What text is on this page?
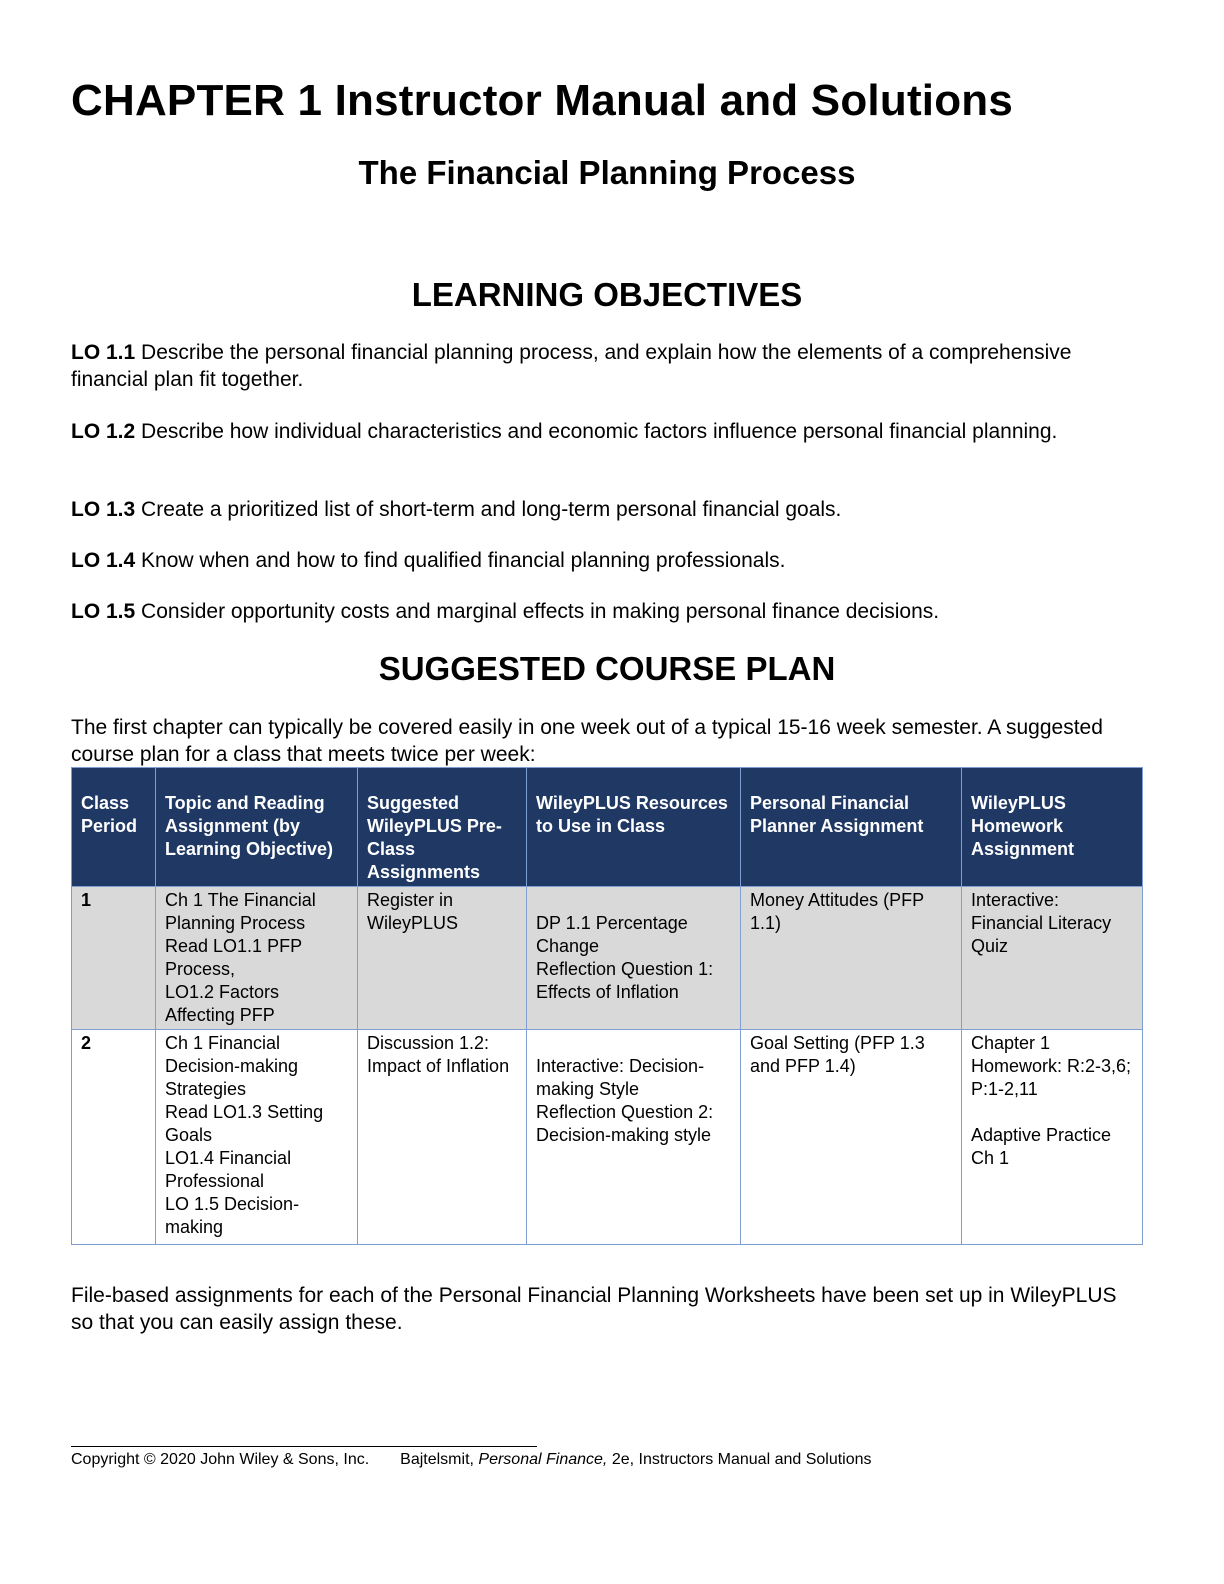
CHAPTER 1 Instructor Manual and Solutions
The Financial Planning Process
LEARNING OBJECTIVES

LO 1.1 Describe the personal financial planning process, and explain how the elements of a comprehensive financial plan fit together.

LO 1.2 Describe how individual characteristics and economic factors influence personal financial planning.

LO 1.3 Create a prioritized list of short-term and long-term personal financial goals.

LO 1.4 Know when and how to find qualified financial planning professionals.

LO 1.5 Consider opportunity costs and marginal effects in making personal finance decisions.

SUGGESTED COURSE PLAN

The first chapter can typically be covered easily in one week out of a typical 15-16 week semester. A suggested course plan for a class that meets twice per week:

Class Period	Topic and Reading Assignment (by Learning Objective)	Suggested WileyPLUS Pre-Class Assignments	WileyPLUS Resources to Use in Class	Personal Financial Planner Assignment	WileyPLUS Homework Assignment
1	Ch 1 The Financial Planning Process
Read LO1.1 PFP Process,
LO1.2 Factors Affecting PFP	Register in WileyPLUS	DP 1.1 Percentage Change
Reflection Question 1: Effects of Inflation	Money Attitudes (PFP 1.1)	Interactive: Financial Literacy Quiz

2	Ch 1 Financial Decision-making Strategies
Read LO1.3 Setting Goals
LO1.4 Financial Professional
LO 1.5 Decision-making	Discussion 1.2: Impact of Inflation	Interactive: Decision-making Style
Reflection Question 2: Decision-making style	Goal Setting (PFP 1.3 and PFP 1.4)	Chapter 1 Homework: R:2-3,6; P:1-2,11
Adaptive Practice Ch 1

File-based assignments for each of the Personal Financial Planning Worksheets have been set up in WileyPLUS so that you can easily assign these.

Copyright © 2020 John Wiley & Sons, Inc. Bajtelsmit, Personal Finance, 2e, Instructors Manual and Solutions
